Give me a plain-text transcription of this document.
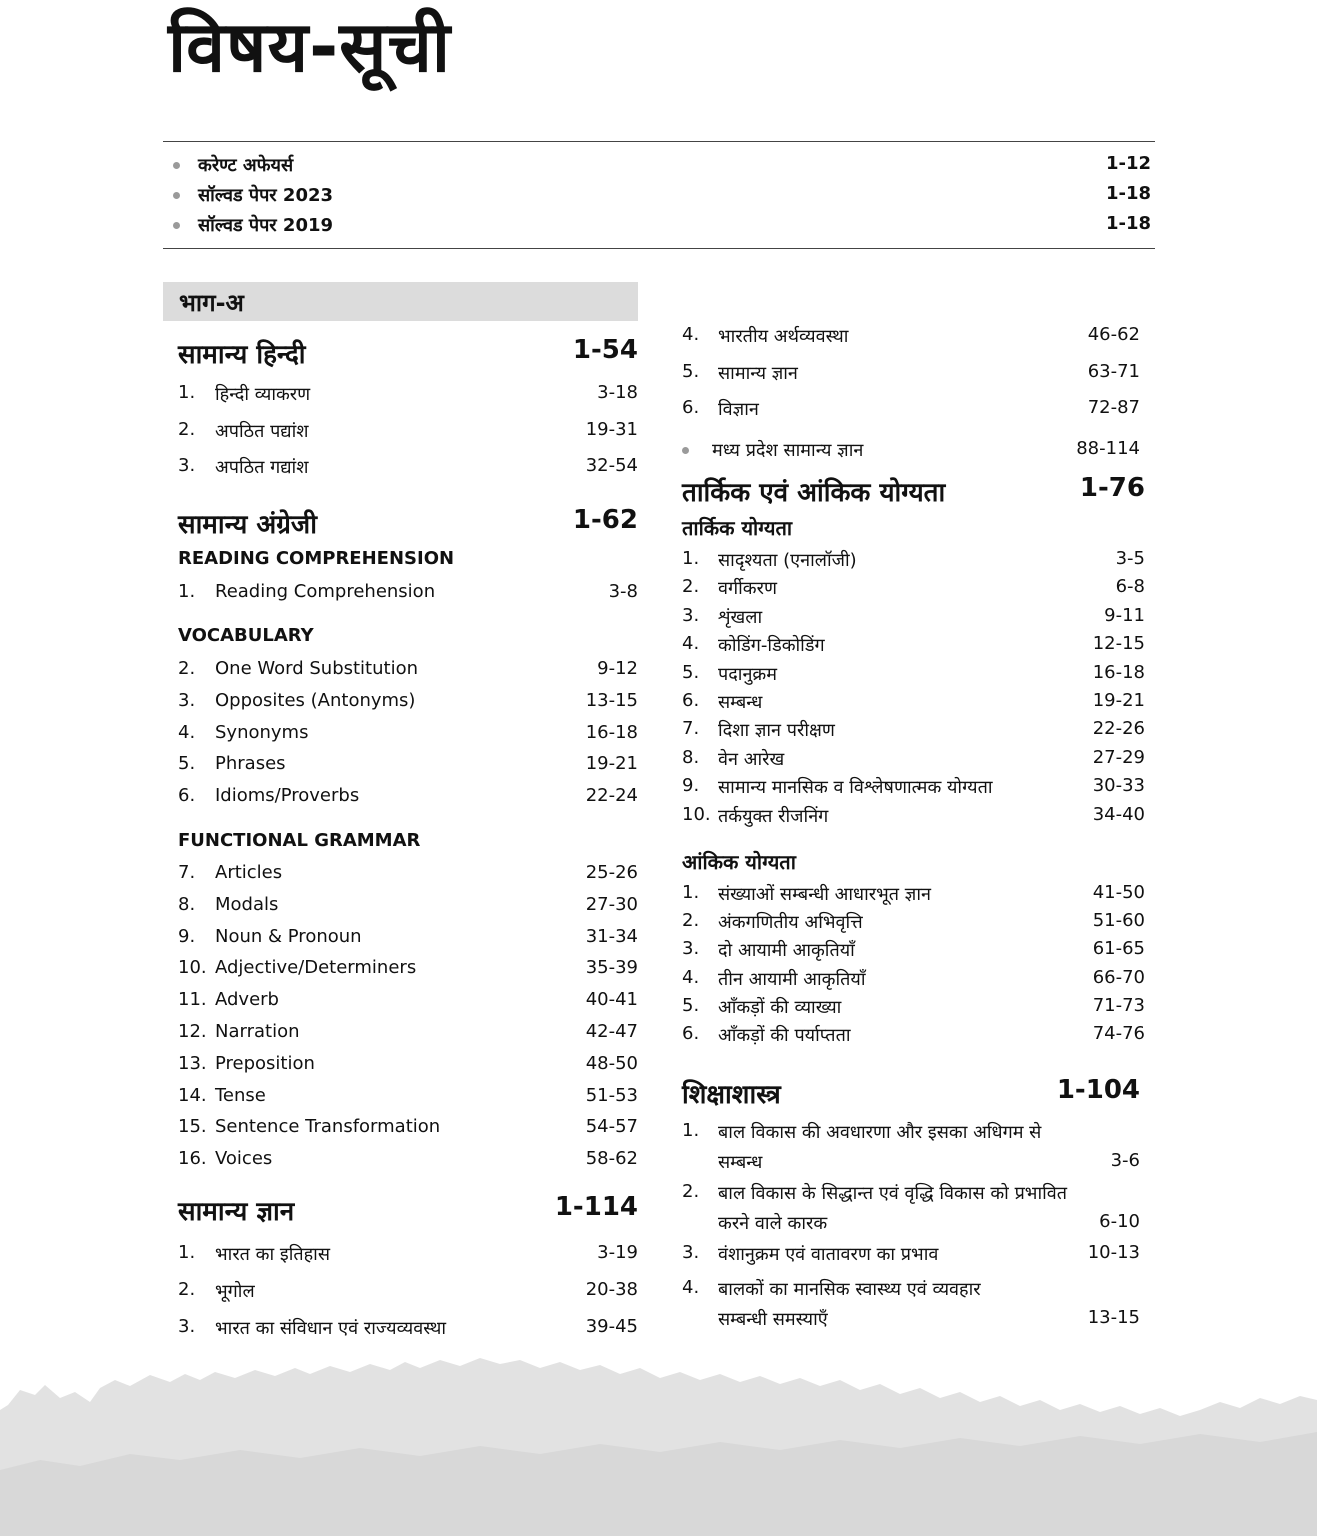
विषय-सूची
करेण्ट अफेयर्स	1-12
सॉल्वड पेपर 2023	1-18
सॉल्वड पेपर 2019	1-18
भाग-अ
सामान्य हिन्दी	1-54
1. हिन्दी व्याकरण	3-18
2. अपठित पद्यांश	19-31
3. अपठित गद्यांश	32-54
सामान्य अंग्रेजी	1-62
READING COMPREHENSION
1. Reading Comprehension	3-8
VOCABULARY
2. One Word Substitution	9-12
3. Opposites (Antonyms)	13-15
4. Synonyms	16-18
5. Phrases	19-21
6. Idioms/Proverbs	22-24
FUNCTIONAL GRAMMAR
7. Articles	25-26
8. Modals	27-30
9. Noun & Pronoun	31-34
10. Adjective/Determiners	35-39
11. Adverb	40-41
12. Narration	42-47
13. Preposition	48-50
14. Tense	51-53
15. Sentence Transformation	54-57
16. Voices	58-62
सामान्य ज्ञान	1-114
1. भारत का इतिहास	3-19
2. भूगोल	20-38
3. भारत का संविधान एवं राज्यव्यवस्था	39-45
4. भारतीय अर्थव्यवस्था	46-62
5. सामान्य ज्ञान	63-71
6. विज्ञान	72-87
मध्य प्रदेश सामान्य ज्ञान	88-114
तार्किक एवं आंकिक योग्यता	1-76
तार्किक योग्यता
1. सादृश्यता (एनालॉजी)	3-5
2. वर्गीकरण	6-8
3. शृंखला	9-11
4. कोडिंग-डिकोडिंग	12-15
5. पदानुक्रम	16-18
6. सम्बन्ध	19-21
7. दिशा ज्ञान परीक्षण	22-26
8. वेन आरेख	27-29
9. सामान्य मानसिक व विश्लेषणात्मक योग्यता	30-33
10. तर्कयुक्त रीजनिंग	34-40
आंकिक योग्यता
1. संख्याओं सम्बन्धी आधारभूत ज्ञान	41-50
2. अंकगणितीय अभिवृत्ति	51-60
3. दो आयामी आकृतियाँ	61-65
4. तीन आयामी आकृतियाँ	66-70
5. आँकड़ों की व्याख्या	71-73
6. आँकड़ों की पर्याप्तता	74-76
शिक्षाशास्त्र	1-104
1. बाल विकास की अवधारणा और इसका अधिगम से
सम्बन्ध	3-6
2. बाल विकास के सिद्धान्त एवं वृद्धि विकास को प्रभावित
करने वाले कारक	6-10
3. वंशानुक्रम एवं वातावरण का प्रभाव	10-13
4. बालकों का मानसिक स्वास्थ्य एवं व्यवहार
सम्बन्धी समस्याएँ	13-15
